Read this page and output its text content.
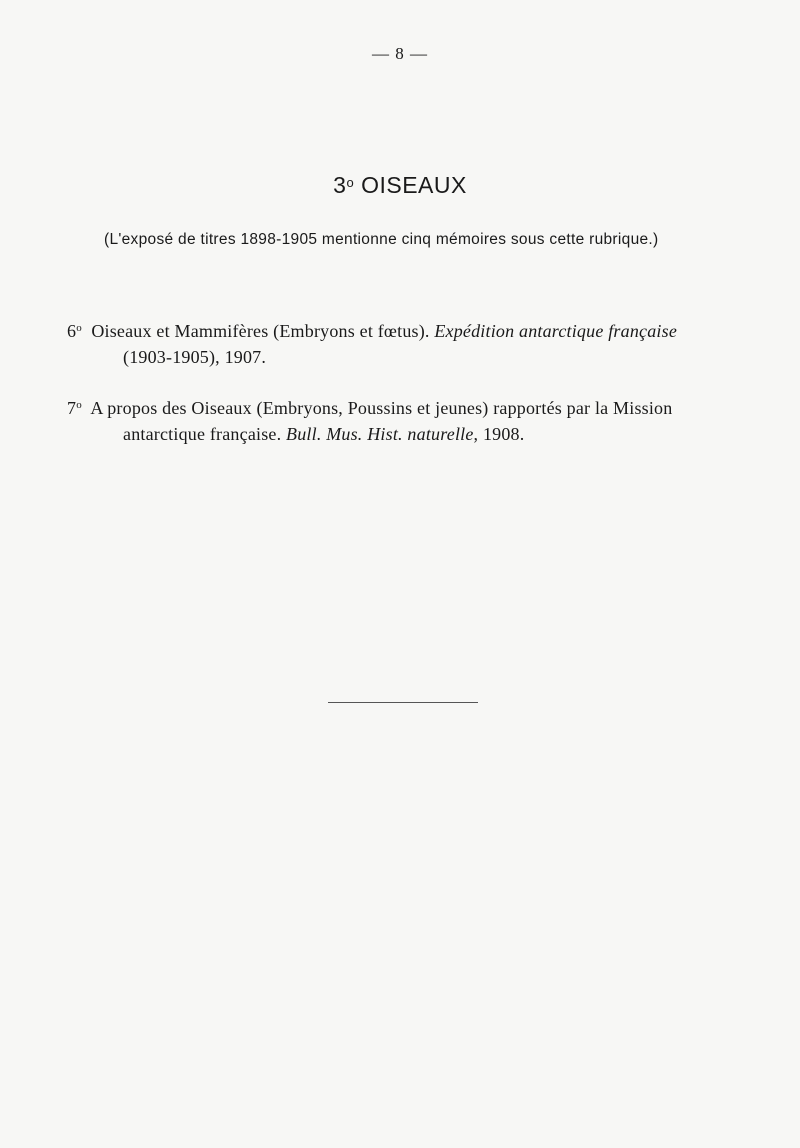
— 8 —
3$^o$ OISEAUX
(L'exposé de titres 1898-1905 mentionne cinq mémoires sous cette rubrique.)
6$^o$ Oiseaux et Mammifères (Embryons et fœtus). Expédition antarctique française
(1903-1905), 1907.
7$^o$ A propos des Oiseaux (Embryons, Poussins et jeunes) rapportés par la Mission
antarctique française. Bull. Mus. Hist. naturelle, 1908.
